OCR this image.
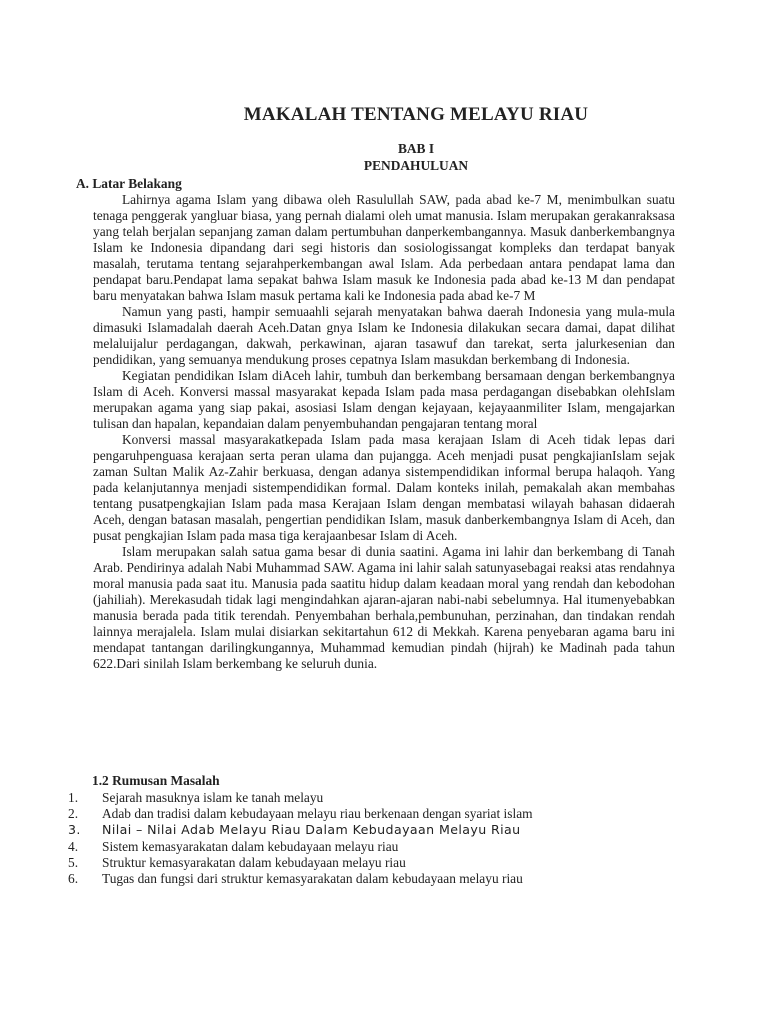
MAKALAH TENTANG MELAYU RIAU
BAB I
PENDAHULUAN
A. Latar Belakang

Lahirnya agama Islam yang dibawa oleh Rasulullah SAW, pada abad ke-7 M, menimbulkan suatu tenaga penggerak yangluar biasa, yang pernah dialami oleh umat manusia. Islam merupakan gerakanraksasa yang telah berjalan sepanjang zaman dalam pertumbuhan danperkembangannya. Masuk danberkembangnya Islam ke Indonesia dipandang dari segi historis dan sosiologissangat kompleks dan terdapat banyak masalah, terutama tentang sejarahperkembangan awal Islam. Ada perbedaan antara pendapat lama dan pendapat baru.Pendapat lama sepakat bahwa Islam masuk ke Indonesia pada abad ke-13 M dan pendapat baru menyatakan bahwa Islam masuk pertama kali ke Indonesia pada abad ke-7 M

Namun yang pasti, hampir semuaahli sejarah menyatakan bahwa daerah Indonesia yang mula-mula dimasuki Islamadalah daerah Aceh.Datan gnya Islam ke Indonesia dilakukan secara damai, dapat dilihat melaluijalur perdagangan, dakwah, perkawinan, ajaran tasawuf dan tarekat, serta jalurkesenian dan pendidikan, yang semuanya mendukung proses cepatnya Islam masukdan berkembang di Indonesia.

Kegiatan pendidikan Islam diAceh lahir, tumbuh dan berkembang bersamaan dengan berkembangnya Islam di Aceh. Konversi massal masyarakat kepada Islam pada masa perdagangan disebabkan olehIslam merupakan agama yang siap pakai, asosiasi Islam dengan kejayaan, kejayaanmiliter Islam, mengajarkan tulisan dan hapalan, kepandaian dalam penyembuhandan pengajaran tentang moral

Konversi massal masyarakatkepada Islam pada masa kerajaan Islam di Aceh tidak lepas dari pengaruhpenguasa kerajaan serta peran ulama dan pujangga. Aceh menjadi pusat pengkajianIslam sejak zaman Sultan Malik Az-Zahir berkuasa, dengan adanya sistempendidikan informal berupa halaqoh. Yang pada kelanjutannya menjadi sistempendidikan formal. Dalam konteks inilah, pemakalah akan membahas tentang pusatpengkajian Islam pada masa Kerajaan Islam dengan membatasi wilayah bahasan didaerah Aceh, dengan batasan masalah, pengertian pendidikan Islam, masuk danberkembangnya Islam di Aceh, dan pusat pengkajian Islam pada masa tiga kerajaanbesar Islam di Aceh.

Islam merupakan salah satua gama besar di dunia saatini. Agama ini lahir dan berkembang di Tanah Arab. Pendirinya adalah Nabi Muhammad SAW. Agama ini lahir salah satunyasebagai reaksi atas rendahnya moral manusia pada saat itu. Manusia pada saatitu hidup dalam keadaan moral yang rendah dan kebodohan (jahiliah). Merekasudah tidak lagi mengindahkan ajaran-ajaran nabi-nabi sebelumnya. Hal itumenyebabkan manusia berada pada titik terendah. Penyembahan berhala,pembunuhan, perzinahan, dan tindakan rendah lainnya merajalela. Islam mulai disiarkan sekitartahun 612 di Mekkah. Karena penyebaran agama baru ini mendapat tantangan darilingkungannya, Muhammad kemudian pindah (hijrah) ke Madinah pada tahun 622.Dari sinilah Islam berkembang ke seluruh dunia.

1.2 Rumusan Masalah
1. Sejarah masuknya islam ke tanah melayu
2. Adab dan tradisi dalam kebudayaan melayu riau berkenaan dengan syariat islam
3. Nilai – Nilai Adab Melayu Riau Dalam Kebudayaan Melayu Riau
4. Sistem kemasyarakatan dalam kebudayaan melayu riau
5. Struktur kemasyarakatan dalam kebudayaan melayu riau
6. Tugas dan fungsi dari struktur kemasyarakatan dalam kebudayaan melayu riau
